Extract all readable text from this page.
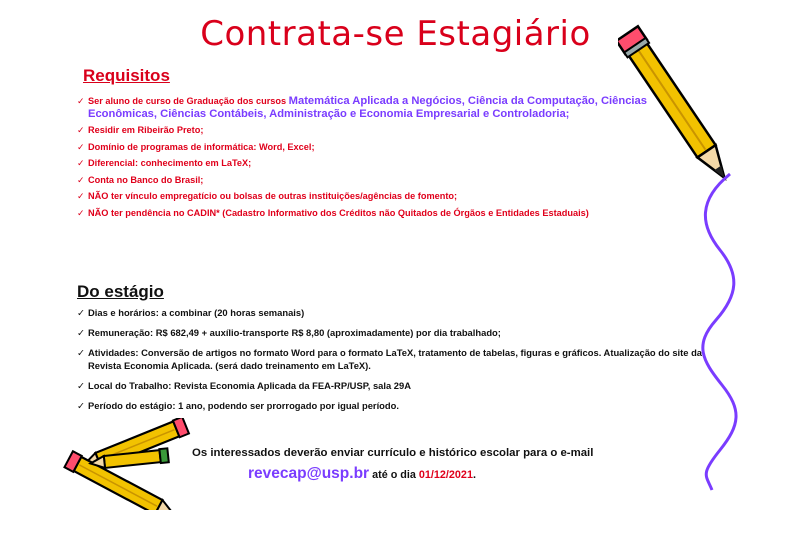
Contrata-se Estagiário
Requisitos
✓ Ser aluno de curso de Graduação dos cursos Matemática Aplicada a Negócios, Ciência da Computação, Ciências Econômicas, Ciências Contábeis, Administração e Economia Empresarial e Controladoria;
✓ Residir em Ribeirão Preto;
✓ Domínio de programas de informática: Word, Excel;
✓ Diferencial: conhecimento em LaTeX;
✓ Conta no Banco do Brasil;
✓ NÃO ter vínculo empregatício ou bolsas de outras instituições/agências de fomento;
✓ NÃO ter pendência no CADIN* (Cadastro Informativo dos Créditos não Quitados de Órgãos e Entidades Estaduais)
Do estágio
✓ Dias e horários: a combinar (20 horas semanais)
✓ Remuneração: R$ 682,49 + auxílio-transporte R$ 8,80 (aproximadamente) por dia trabalhado;
✓ Atividades: Conversão de artigos no formato Word para o formato LaTeX, tratamento de tabelas, figuras e gráficos. Atualização do site da Revista Economia Aplicada. (será dado treinamento em LaTeX).
✓ Local do Trabalho: Revista Economia Aplicada da FEA-RP/USP, sala 29A
✓ Período do estágio: 1 ano, podendo ser prorrogado por igual período.
Os interessados deverão enviar currículo e histórico escolar para o e-mail
revecap@usp.br até o dia 01/12/2021.
